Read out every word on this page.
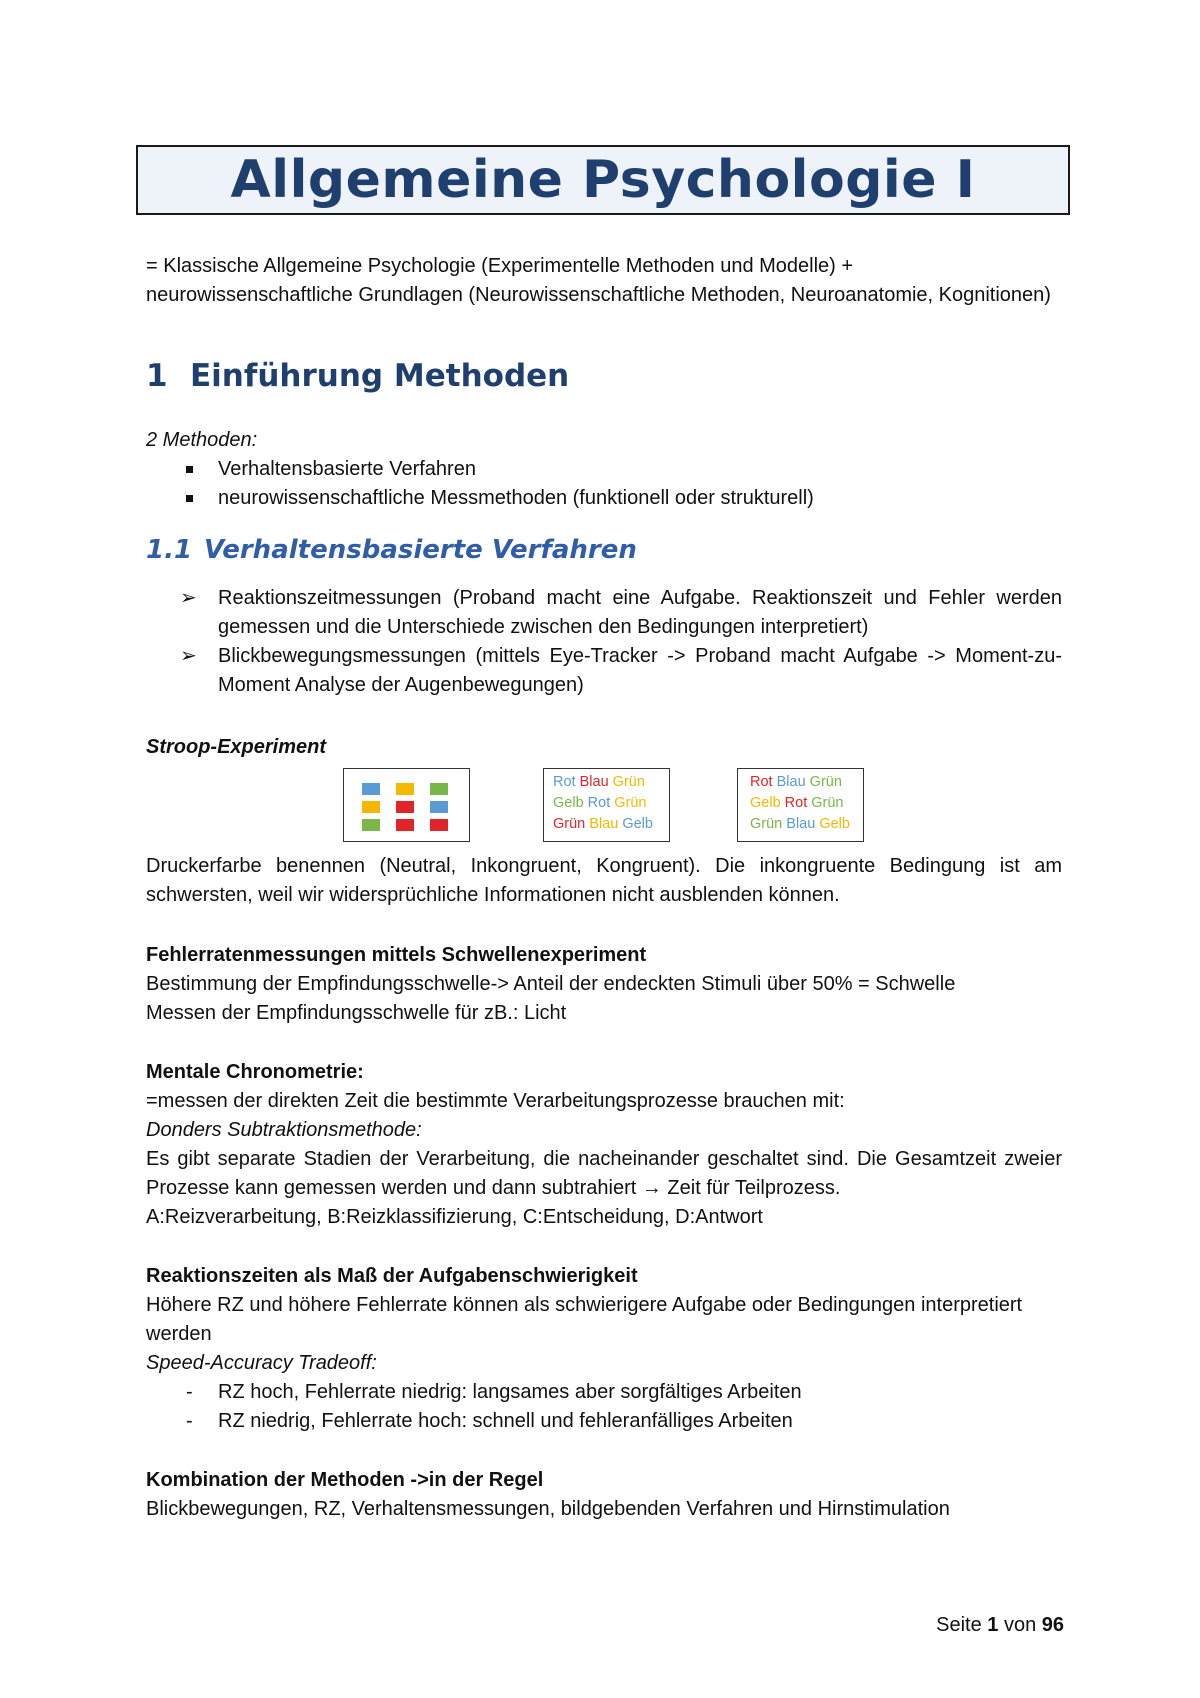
Allgemeine Psychologie I
= Klassische Allgemeine Psychologie (Experimentelle Methoden und Modelle) + neurowissenschaftliche Grundlagen (Neurowissenschaftliche Methoden, Neuroanatomie, Kognitionen)
1 Einführung Methoden
2 Methoden:
Verhaltensbasierte Verfahren
neurowissenschaftliche Messmethoden (funktionell oder strukturell)
1.1 Verhaltensbasierte Verfahren
➢ Reaktionszeitmessungen (Proband macht eine Aufgabe. Reaktionszeit und Fehler werden gemessen und die Unterschiede zwischen den Bedingungen interpretiert)
➢ Blickbewegungsmessungen (mittels Eye-Tracker -> Proband macht Aufgabe -> Moment-zu-Moment Analyse der Augenbewegungen)
Stroop-Experiment
Rot Blau Grün
Gelb Rot Grün
Grün Blau Gelb
Rot Blau Grün
Gelb Rot Grün
Grün Blau Gelb
Druckerfarbe benennen (Neutral, Inkongruent, Kongruent). Die inkongruente Bedingung ist am schwersten, weil wir widersprüchliche Informationen nicht ausblenden können.
Fehlerratenmessungen mittels Schwellenexperiment
Bestimmung der Empfindungsschwelle-> Anteil der endeckten Stimuli über 50% = Schwelle
Messen der Empfindungsschwelle für zB.: Licht
Mentale Chronometrie:
=messen der direkten Zeit die bestimmte Verarbeitungsprozesse brauchen mit:
Donders Subtraktionsmethode:
Es gibt separate Stadien der Verarbeitung, die nacheinander geschaltet sind. Die Gesamtzeit zweier Prozesse kann gemessen werden und dann subtrahiert → Zeit für Teilprozess.
A:Reizverarbeitung, B:Reizklassifizierung, C:Entscheidung, D:Antwort
Reaktionszeiten als Maß der Aufgabenschwierigkeit
Höhere RZ und höhere Fehlerrate können als schwierigere Aufgabe oder Bedingungen interpretiert werden
Speed-Accuracy Tradeoff:
- RZ hoch, Fehlerrate niedrig: langsames aber sorgfältiges Arbeiten
- RZ niedrig, Fehlerrate hoch: schnell und fehleranfälliges Arbeiten
Kombination der Methoden ->in der Regel
Blickbewegungen, RZ, Verhaltensmessungen, bildgebenden Verfahren und Hirnstimulation
Seite 1 von 96
